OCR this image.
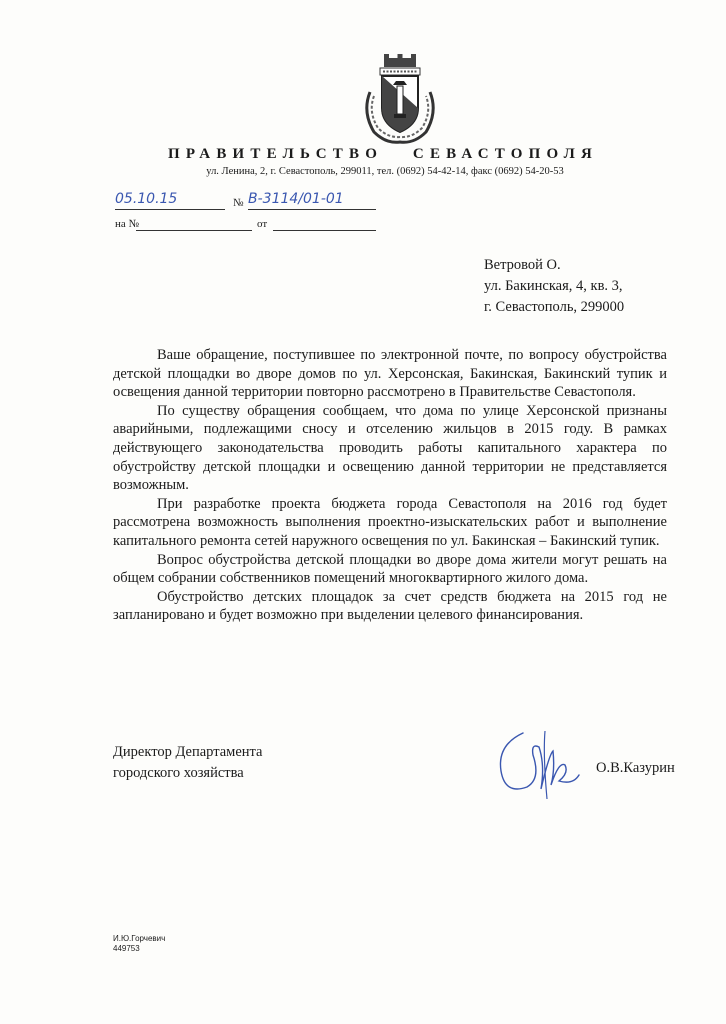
ПРАВИТЕЛЬСТВО   СЕВАСТОПОЛЯ
ул. Ленина, 2, г. Севастополь, 299011, тел. (0692) 54-42-14, факс (0692) 54-20-53
05.10.15	№ В-3114/01-01
на №	от
Ветровой О.
ул. Бакинская, 4, кв. 3,
г. Севастополь, 299000

Ваше обращение, поступившее по электронной почте, по вопросу обустройства детской площадки во дворе домов по ул. Херсонская, Бакинская, Бакинский тупик и освещения данной территории повторно рассмотрено в Правительстве Севастополя.

По существу обращения сообщаем, что дома по улице Херсонской признаны аварийными, подлежащими сносу и отселению жильцов в 2015 году. В рамках действующего законодательства проводить работы капитального характера по обустройству детской площадки и освещению данной территории не представляется возможным.

При разработке проекта бюджета города Севастополя на 2016 год будет рассмотрена возможность выполнения проектно-изыскательских работ и выполнение капитального ремонта сетей наружного освещения по ул. Бакинская – Бакинский тупик.

Вопрос обустройства детской площадки во дворе дома жители могут решать на общем собрании собственников помещений многоквартирного жилого дома.

Обустройство детских площадок за счет средств бюджета на 2015 год не запланировано и будет возможно при выделении целевого финансирования.

Директор Департамента
городского хозяйства	О.В.Казурин
И.Ю.Горчевич
449753
